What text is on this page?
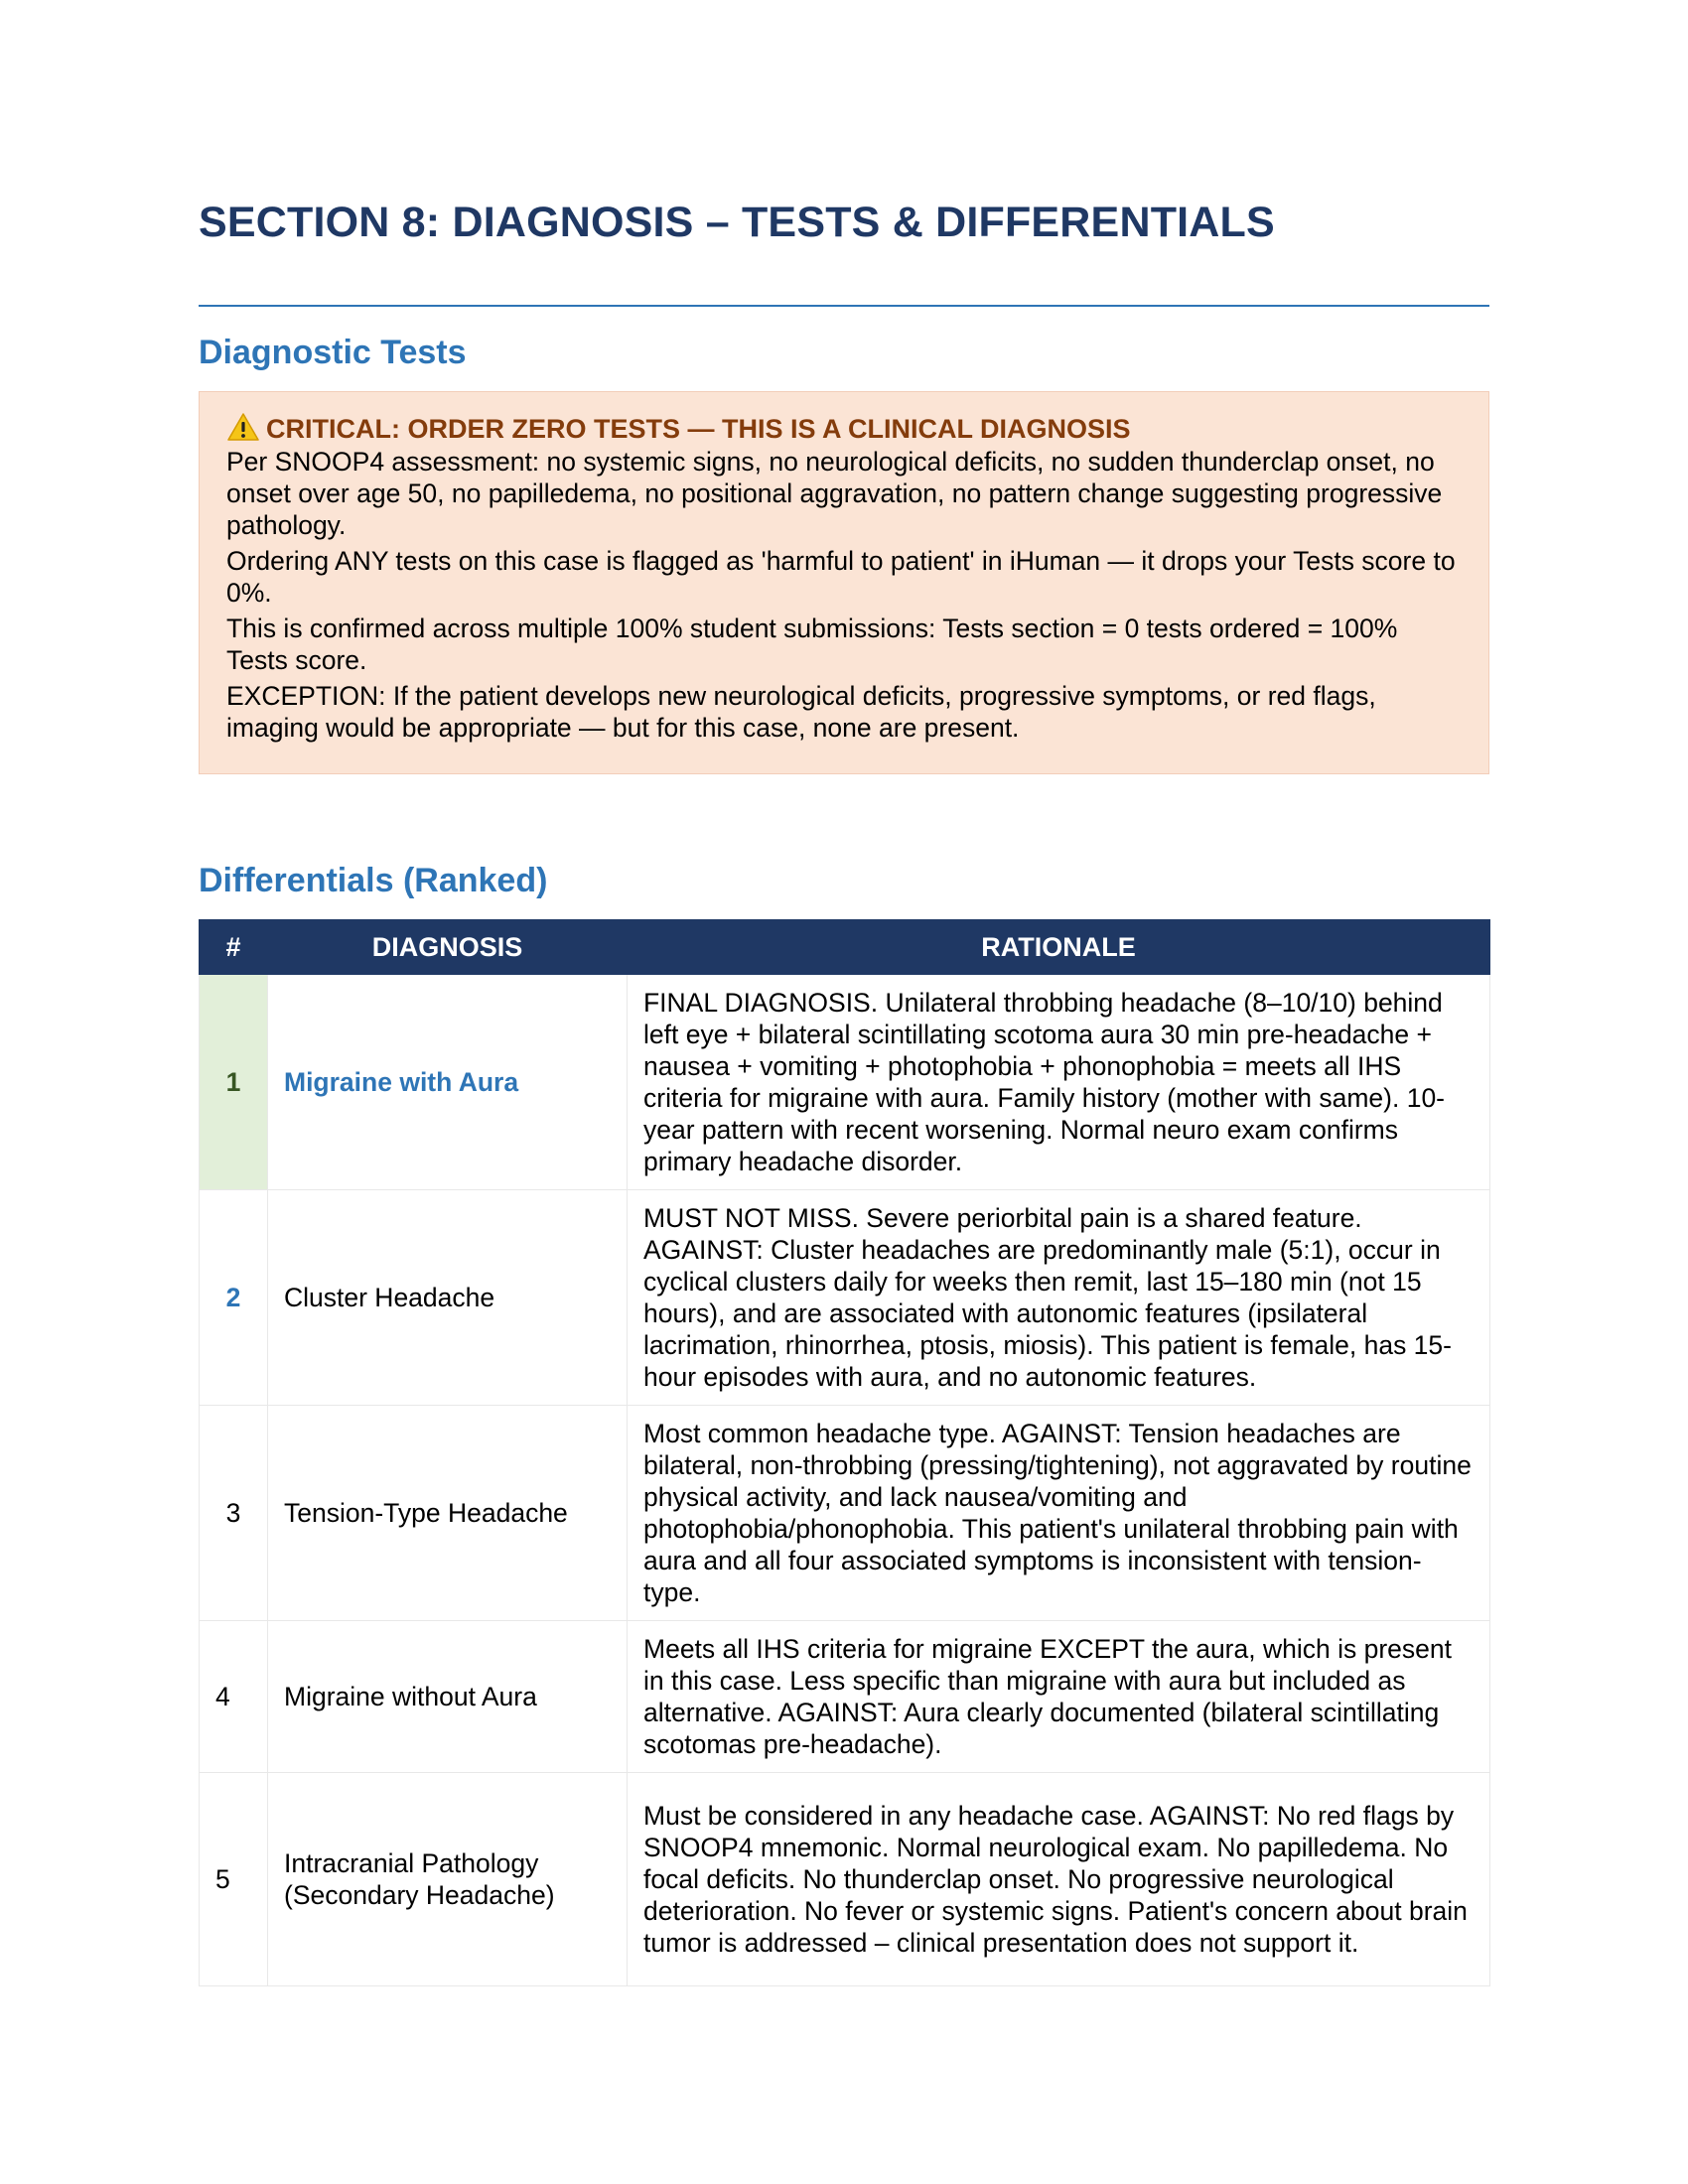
SECTION 8: DIAGNOSIS – TESTS & DIFFERENTIALS
Diagnostic Tests
CRITICAL: ORDER ZERO TESTS — THIS IS A CLINICAL DIAGNOSIS

Per SNOOP4 assessment: no systemic signs, no neurological deficits, no sudden thunderclap onset, no onset over age 50, no papilledema, no positional aggravation, no pattern change suggesting progressive pathology.

Ordering ANY tests on this case is flagged as 'harmful to patient' in iHuman — it drops your Tests score to 0%.

This is confirmed across multiple 100% student submissions: Tests section = 0 tests ordered = 100% Tests score.

EXCEPTION: If the patient develops new neurological deficits, progressive symptoms, or red flags, imaging would be appropriate — but for this case, none are present.

Differentials (Ranked)
#	DIAGNOSIS	RATIONALE
1	Migraine with Aura	FINAL DIAGNOSIS. Unilateral throbbing headache (8–10/10) behind left eye + bilateral scintillating scotoma aura 30 min pre-headache + nausea + vomiting + photophobia + phonophobia = meets all IHS criteria for migraine with aura. Family history (mother with same). 10-year pattern with recent worsening. Normal neuro exam confirms primary headache disorder.
2	Cluster Headache	MUST NOT MISS. Severe periorbital pain is a shared feature. AGAINST: Cluster headaches are predominantly male (5:1), occur in cyclical clusters daily for weeks then remit, last 15–180 min (not 15 hours), and are associated with autonomic features (ipsilateral lacrimation, rhinorrhea, ptosis, miosis). This patient is female, has 15-hour episodes with aura, and no autonomic features.
3	Tension-Type Headache	Most common headache type. AGAINST: Tension headaches are bilateral, non-throbbing (pressing/tightening), not aggravated by routine physical activity, and lack nausea/vomiting and photophobia/phonophobia. This patient's unilateral throbbing pain with aura and all four associated symptoms is inconsistent with tension-type.
4	Migraine without Aura	Meets all IHS criteria for migraine EXCEPT the aura, which is present in this case. Less specific than migraine with aura but included as alternative. AGAINST: Aura clearly documented (bilateral scintillating scotomas pre-headache).
5	Intracranial Pathology (Secondary Headache)	Must be considered in any headache case. AGAINST: No red flags by SNOOP4 mnemonic. Normal neurological exam. No papilledema. No focal deficits. No thunderclap onset. No progressive neurological deterioration. No fever or systemic signs. Patient's concern about brain tumor is addressed – clinical presentation does not support it.
